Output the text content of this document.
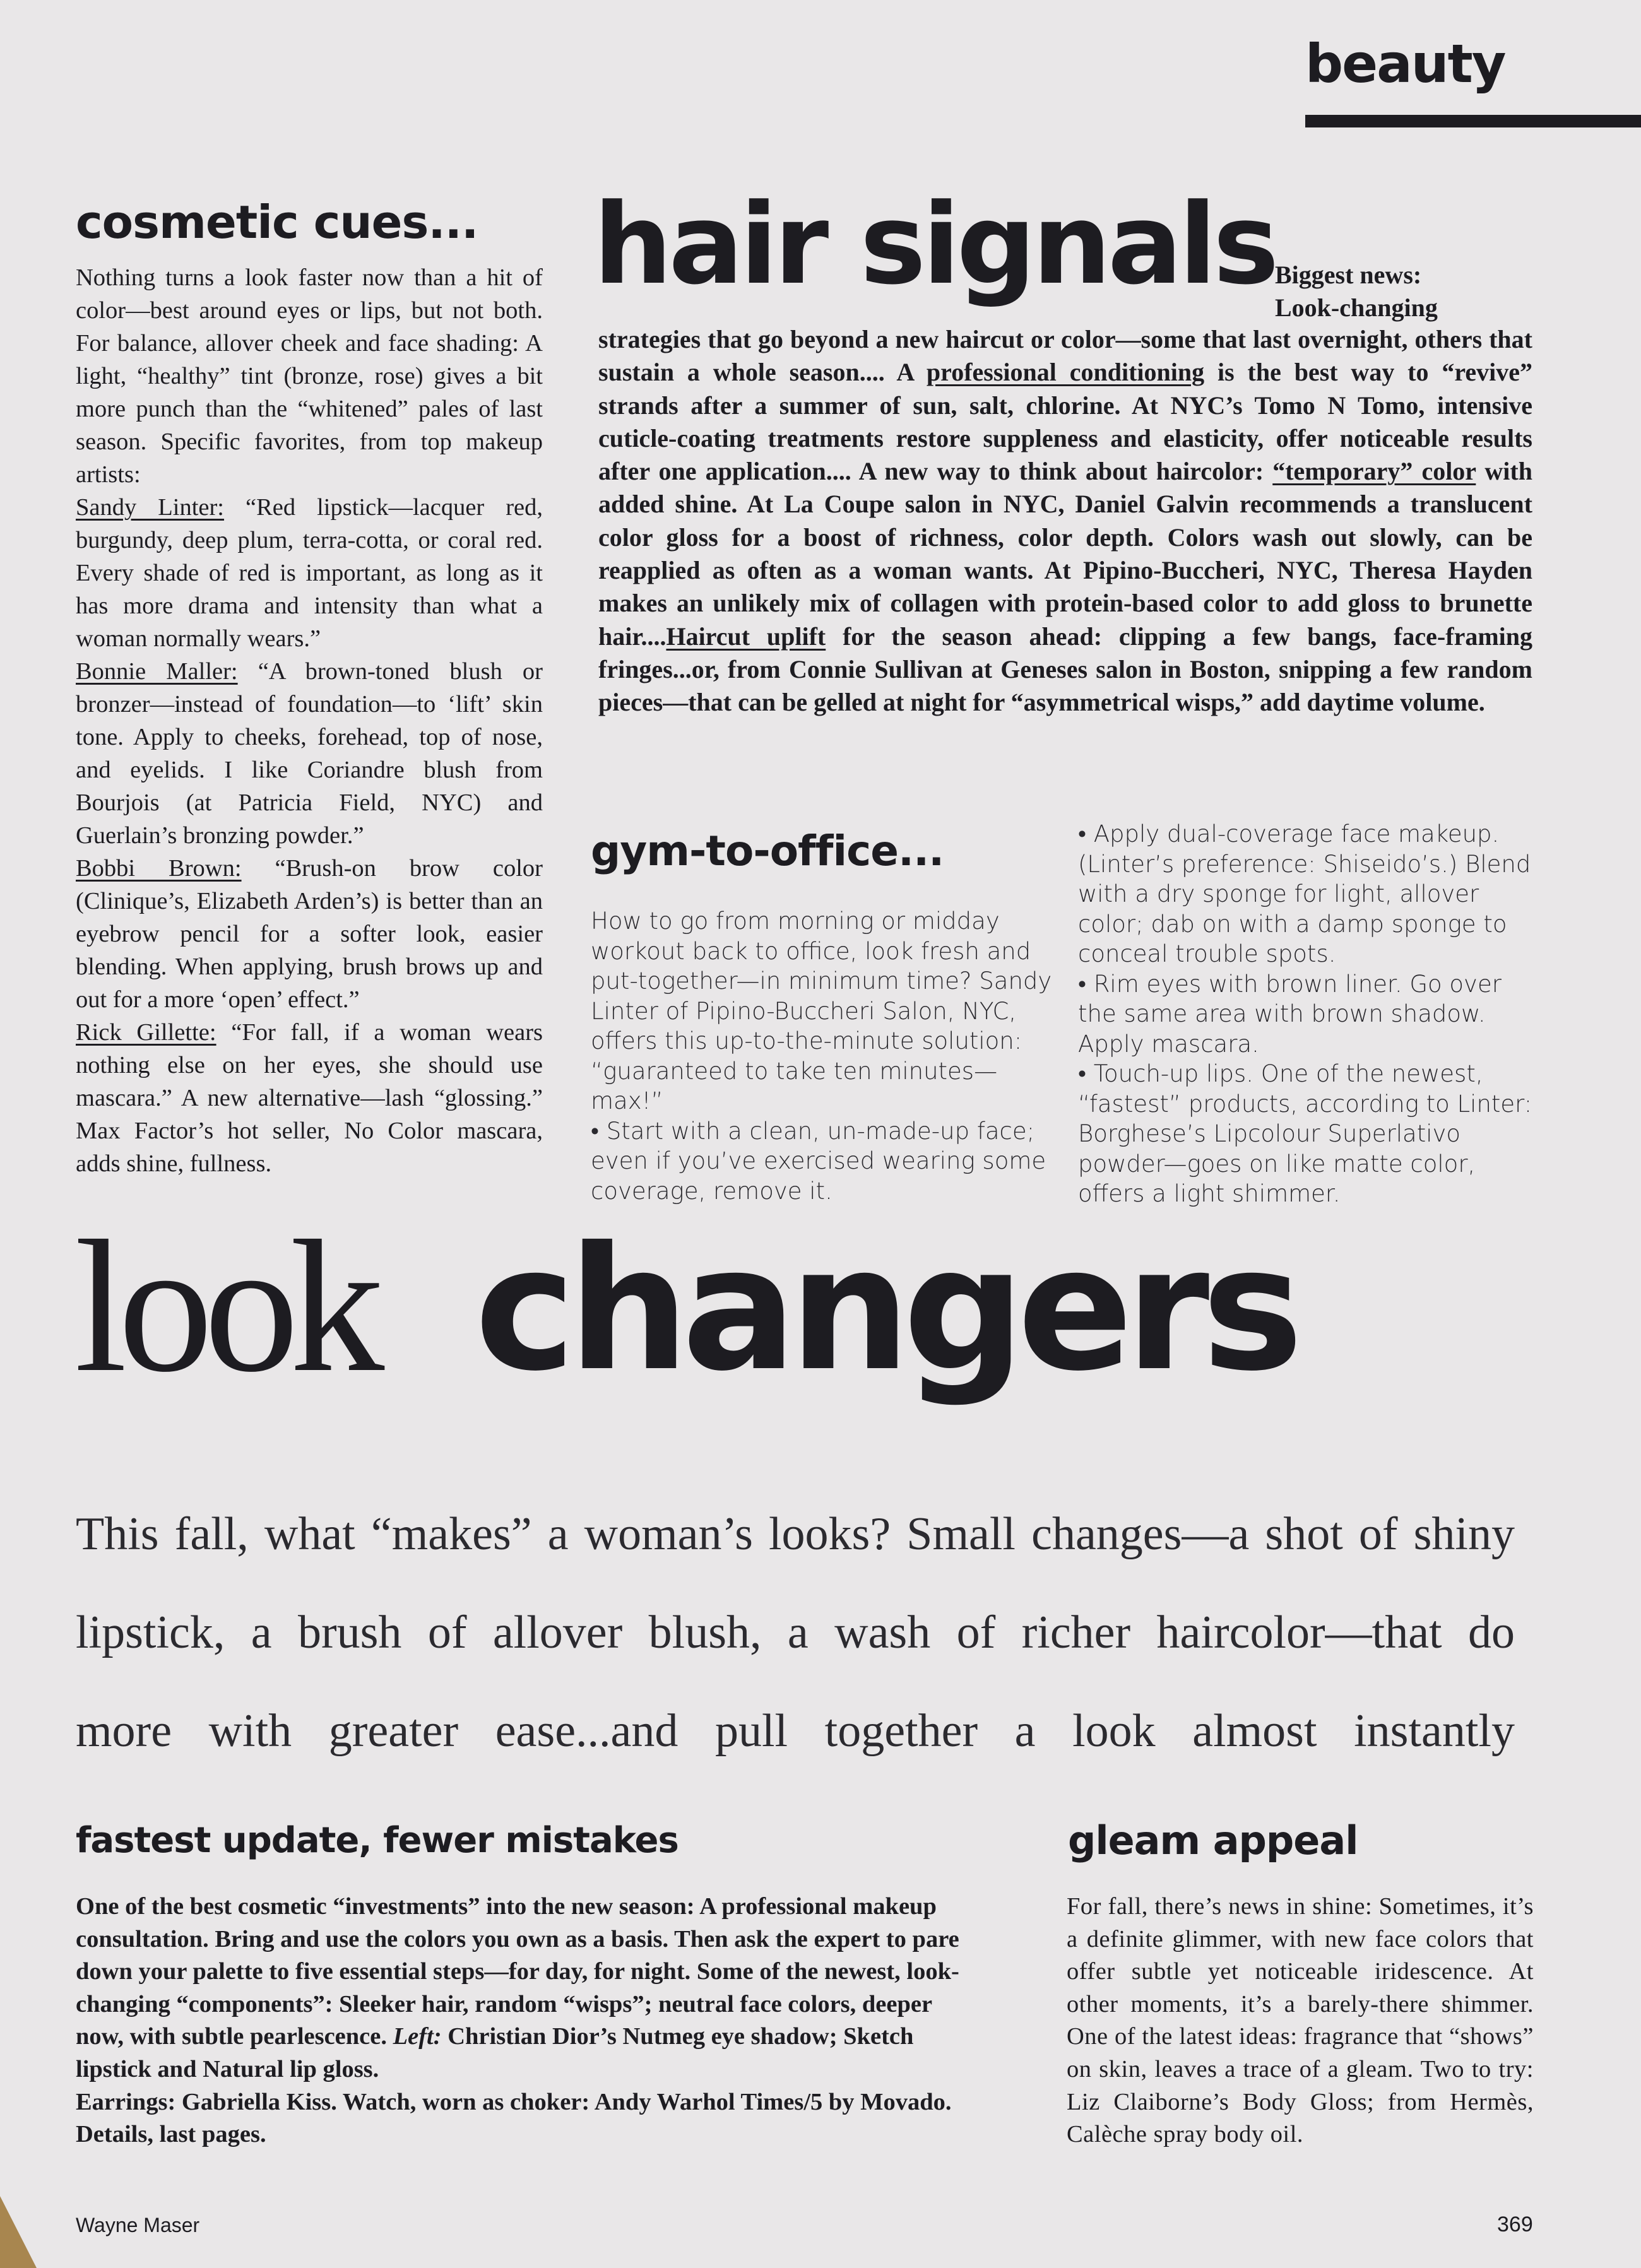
beauty
cosmetic cues...

Nothing turns a look faster now than a hit of color—best around eyes or lips, but not both. For balance, allover cheek and face shading: A light, “healthy” tint (bronze, rose) gives a bit more punch than the “whitened” pales of last season. Specific favorites, from top makeup artists:

Sandy Linter: “Red lipstick—lacquer red, burgundy, deep plum, terra-cotta, or coral red. Every shade of red is important, as long as it has more drama and intensity than what a woman normally wears.”

Bonnie Maller: “A brown-toned blush or bronzer—instead of foundation—to ‘lift’ skin tone. Apply to cheeks, forehead, top of nose, and eyelids. I like Coriandre blush from Bourjois (at Patricia Field, NYC) and Guerlain’s bronzing powder.”

Bobbi Brown: “Brush-on brow color (Clinique’s, Elizabeth Arden’s) is better than an eyebrow pencil for a softer look, easier blending. When applying, brush brows up and out for a more ‘open’ effect.”

Rick Gillette: “For fall, if a woman wears nothing else on her eyes, she should use mascara.” A new alternative—lash “glossing.” Max Factor’s hot seller, No Color mascara, adds shine, fullness.

hair signals Biggest news: Look-changing
strategies that go beyond a new haircut or color—some that last overnight, others that sustain a whole season.... A professional conditioning is the best way to “revive” strands after a summer of sun, salt, chlorine. At NYC’s Tomo N Tomo, intensive cuticle-coating treatments restore suppleness and elasticity, offer noticeable results after one application.... A new way to think about haircolor: “temporary” color with added shine. At La Coupe salon in NYC, Daniel Galvin recommends a translucent color gloss for a boost of richness, color depth. Colors wash out slowly, can be reapplied as often as a woman wants. At Pipino-Buccheri, NYC, Theresa Hayden makes an unlikely mix of collagen with protein-based color to add gloss to brunette hair....Haircut uplift for the season ahead: clipping a few bangs, face-framing fringes...or, from Connie Sullivan at Geneses salon in Boston, snipping a few random pieces—that can be gelled at night for “asymmetrical wisps,” add daytime volume.
gym-to-office...

How to go from morning or midday workout back to office, look fresh and put-together—in minimum time? Sandy Linter of Pipino-Buccheri Salon, NYC, offers this up-to-the-minute solution: “guaranteed to take ten minutes—max!”

• Start with a clean, un-made-up face; even if you’ve exercised wearing some coverage, remove it.

• Apply dual-coverage face makeup. (Linter’s preference: Shiseido’s.) Blend with a dry sponge for light, allover color; dab on with a damp sponge to conceal trouble spots.

• Rim eyes with brown liner. Go over the same area with brown shadow. Apply mascara.

• Touch-up lips. One of the newest, “fastest” products, according to Linter: Borghese’s Lipcolour Superlativo powder—goes on like matte color, offers a light shimmer.

look changers
This fall, what “makes” a woman’s looks? Small changes—a shot of shiny
lipstick, a brush of allover blush, a wash of richer haircolor—that do
more with greater ease...and pull together a look almost instantly
fastest update, fewer mistakes

One of the best cosmetic “investments” into the new season: A professional makeup consultation. Bring and use the colors you own as a basis. Then ask the expert to pare down your palette to five essential steps—for day, for night. Some of the newest, look-changing “components”: Sleeker hair, random “wisps”; neutral face colors, deeper now, with subtle pearlescence. Left: Christian Dior’s Nutmeg eye shadow; Sketch lipstick and Natural lip gloss.

Earrings: Gabriella Kiss. Watch, worn as choker: Andy Warhol Times/5 by Movado. Details, last pages.

gleam appeal
For fall, there’s news in shine: Sometimes, it’s a definite glimmer, with new face colors that offer subtle yet noticeable iridescence. At other moments, it’s a barely-there shimmer. One of the latest ideas: fragrance that “shows” on skin, leaves a trace of a gleam. Two to try: Liz Claiborne’s Body Gloss; from Hermès, Calèche spray body oil.
Wayne Maser	369
